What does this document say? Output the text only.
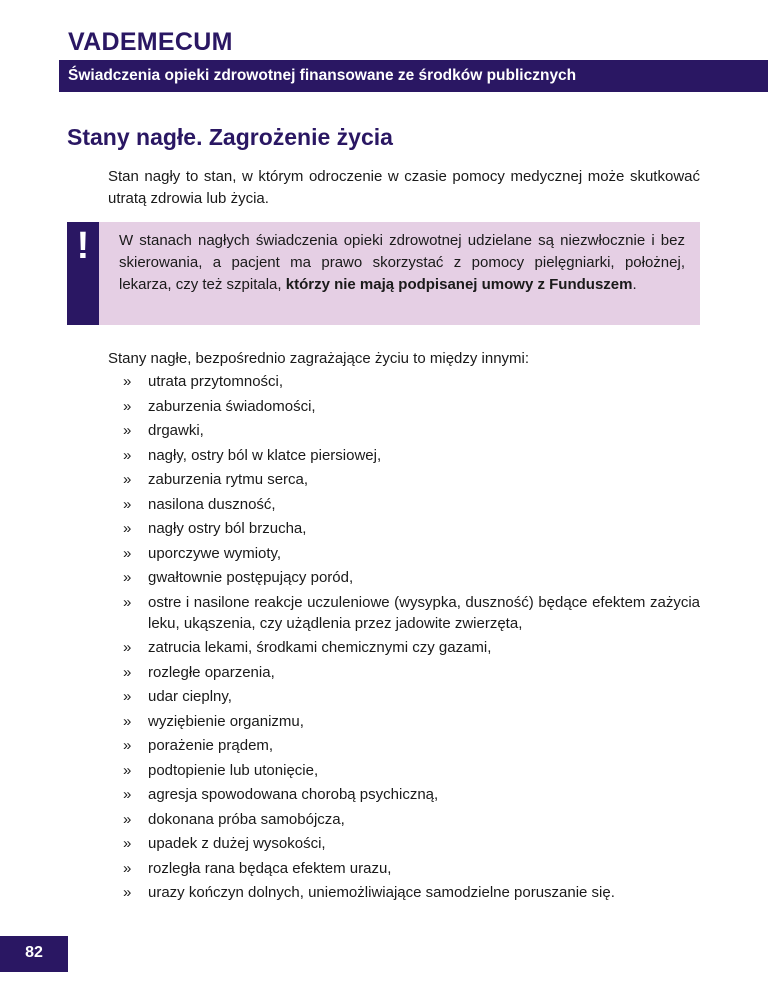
VADEMECUM
Świadczenia opieki zdrowotnej finansowane ze środków publicznych
Stany nagłe. Zagrożenie życia
Stan nagły to stan, w którym odroczenie w czasie pomocy medycznej może skutkować utratą zdrowia lub życia.
!	W stanach nagłych świadczenia opieki zdrowotnej udzielane są niezwłocznie i bez skierowania, a pacjent ma prawo skorzystać z pomocy pielęgniarki, położnej, lekarza, czy też szpitala, którzy nie mają podpisanej umowy z Funduszem.
Stany nagłe, bezpośrednio zagrażające życiu to między innymi:
» utrata przytomności,
» zaburzenia świadomości,
» drgawki,
» nagły, ostry ból w klatce piersiowej,
» zaburzenia rytmu serca,
» nasilona duszność,
» nagły ostry ból brzucha,
» uporczywe wymioty,
» gwałtownie postępujący poród,
» ostre i nasilone reakcje uczuleniowe (wysypka, duszność) będące efektem zażycia leku, ukąszenia, czy użądlenia przez jadowite zwierzęta,
» zatrucia lekami, środkami chemicznymi czy gazami,
» rozległe oparzenia,
» udar cieplny,
» wyziębienie organizmu,
» porażenie prądem,
» podtopienie lub utonięcie,
» agresja spowodowana chorobą psychiczną,
» dokonana próba samobójcza,
» upadek z dużej wysokości,
» rozległa rana będąca efektem urazu,
» urazy kończyn dolnych, uniemożliwiające samodzielne poruszanie się.
82
